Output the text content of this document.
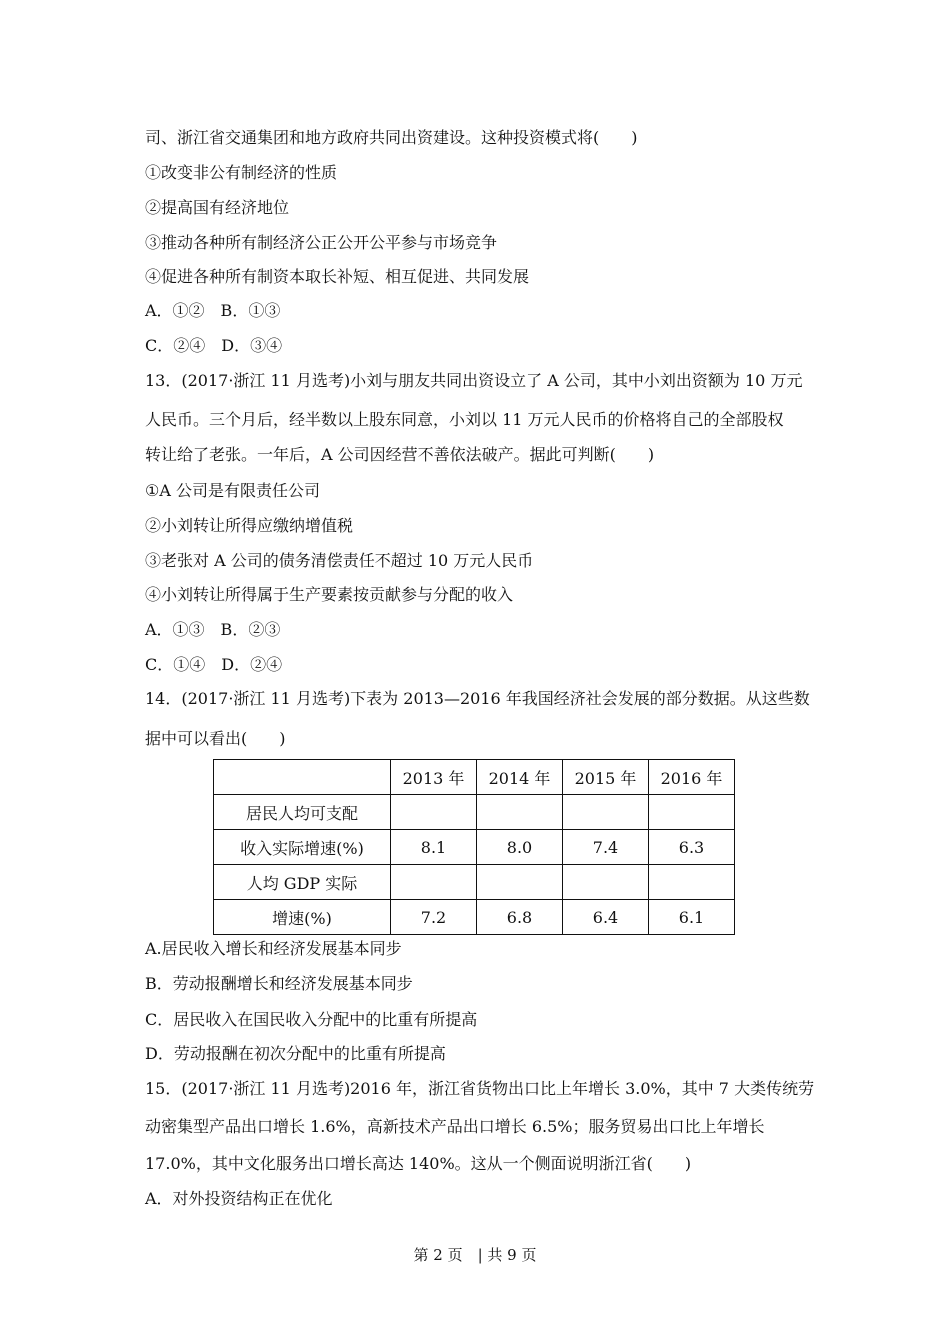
司、浙江省交通集团和地方政府共同出资建设。这种投资模式将(　　)
①改变非公有制经济的性质
②提高国有经济地位
③推动各种所有制经济公正公开公平参与市场竞争
④促进各种所有制资本取长补短、相互促进、共同发展
A．①②　B．①③
C．②④　D．③④
13．(2017·浙江 11 月选考)小刘与朋友共同出资设立了 A 公司，其中小刘出资额为 10 万元
人民币。三个月后，经半数以上股东同意，小刘以 11 万元人民币的价格将自己的全部股权
转让给了老张。一年后，A 公司因经营不善依法破产。据此可判断(　　)
①A 公司是有限责任公司
②小刘转让所得应缴纳增值税
③老张对 A 公司的债务清偿责任不超过 10 万元人民币
④小刘转让所得属于生产要素按贡献参与分配的收入
A．①③　B．②③
C．①④　D．②④
14．(2017·浙江 11 月选考)下表为 2013—2016 年我国经济社会发展的部分数据。从这些数
据中可以看出(　　)
	2013 年	2014 年	2015 年	2016 年
居民人均可支配				
收入实际增速(%)	8.1	8.0	7.4	6.3
人均 GDP 实际				
增速(%)	7.2	6.8	6.4	6.1
A.居民收入增长和经济发展基本同步
B．劳动报酬增长和经济发展基本同步
C．居民收入在国民收入分配中的比重有所提高
D．劳动报酬在初次分配中的比重有所提高
15．(2017·浙江 11 月选考)2016 年，浙江省货物出口比上年增长 3.0%，其中 7 大类传统劳
动密集型产品出口增长 1.6%，高新技术产品出口增长 6.5%；服务贸易出口比上年增长
17.0%，其中文化服务出口增长高达 140%。这从一个侧面说明浙江省(　　)
A．对外投资结构正在优化
第 2 页　| 共 9 页
